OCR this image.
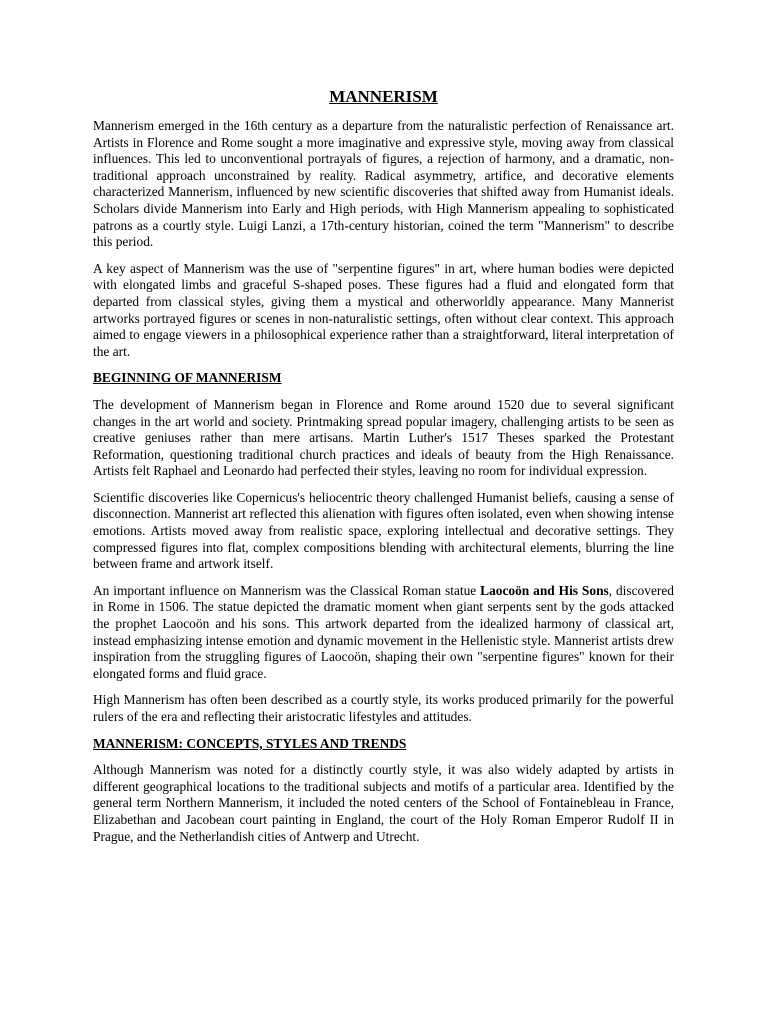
MANNERISM

Mannerism emerged in the 16th century as a departure from the naturalistic perfection of Renaissance art. Artists in Florence and Rome sought a more imaginative and expressive style, moving away from classical influences. This led to unconventional portrayals of figures, a rejection of harmony, and a dramatic, non-traditional approach unconstrained by reality. Radical asymmetry, artifice, and decorative elements characterized Mannerism, influenced by new scientific discoveries that shifted away from Humanist ideals. Scholars divide Mannerism into Early and High periods, with High Mannerism appealing to sophisticated patrons as a courtly style. Luigi Lanzi, a 17th-century historian, coined the term "Mannerism" to describe this period.

A key aspect of Mannerism was the use of "serpentine figures" in art, where human bodies were depicted with elongated limbs and graceful S-shaped poses. These figures had a fluid and elongated form that departed from classical styles, giving them a mystical and otherworldly appearance. Many Mannerist artworks portrayed figures or scenes in non-naturalistic settings, often without clear context. This approach aimed to engage viewers in a philosophical experience rather than a straightforward, literal interpretation of the art.

BEGINNING OF MANNERISM

The development of Mannerism began in Florence and Rome around 1520 due to several significant changes in the art world and society. Printmaking spread popular imagery, challenging artists to be seen as creative geniuses rather than mere artisans. Martin Luther's 1517 Theses sparked the Protestant Reformation, questioning traditional church practices and ideals of beauty from the High Renaissance. Artists felt Raphael and Leonardo had perfected their styles, leaving no room for individual expression.

Scientific discoveries like Copernicus's heliocentric theory challenged Humanist beliefs, causing a sense of disconnection. Mannerist art reflected this alienation with figures often isolated, even when showing intense emotions. Artists moved away from realistic space, exploring intellectual and decorative settings. They compressed figures into flat, complex compositions blending with architectural elements, blurring the line between frame and artwork itself.

An important influence on Mannerism was the Classical Roman statue Laocoön and His Sons, discovered in Rome in 1506. The statue depicted the dramatic moment when giant serpents sent by the gods attacked the prophet Laocoön and his sons. This artwork departed from the idealized harmony of classical art, instead emphasizing intense emotion and dynamic movement in the Hellenistic style. Mannerist artists drew inspiration from the struggling figures of Laocoön, shaping their own "serpentine figures" known for their elongated forms and fluid grace.

High Mannerism has often been described as a courtly style, its works produced primarily for the powerful rulers of the era and reflecting their aristocratic lifestyles and attitudes.

MANNERISM: CONCEPTS, STYLES AND TRENDS

Although Mannerism was noted for a distinctly courtly style, it was also widely adapted by artists in different geographical locations to the traditional subjects and motifs of a particular area. Identified by the general term Northern Mannerism, it included the noted centers of the School of Fontainebleau in France, Elizabethan and Jacobean court painting in England, the court of the Holy Roman Emperor Rudolf II in Prague, and the Netherlandish cities of Antwerp and Utrecht.
